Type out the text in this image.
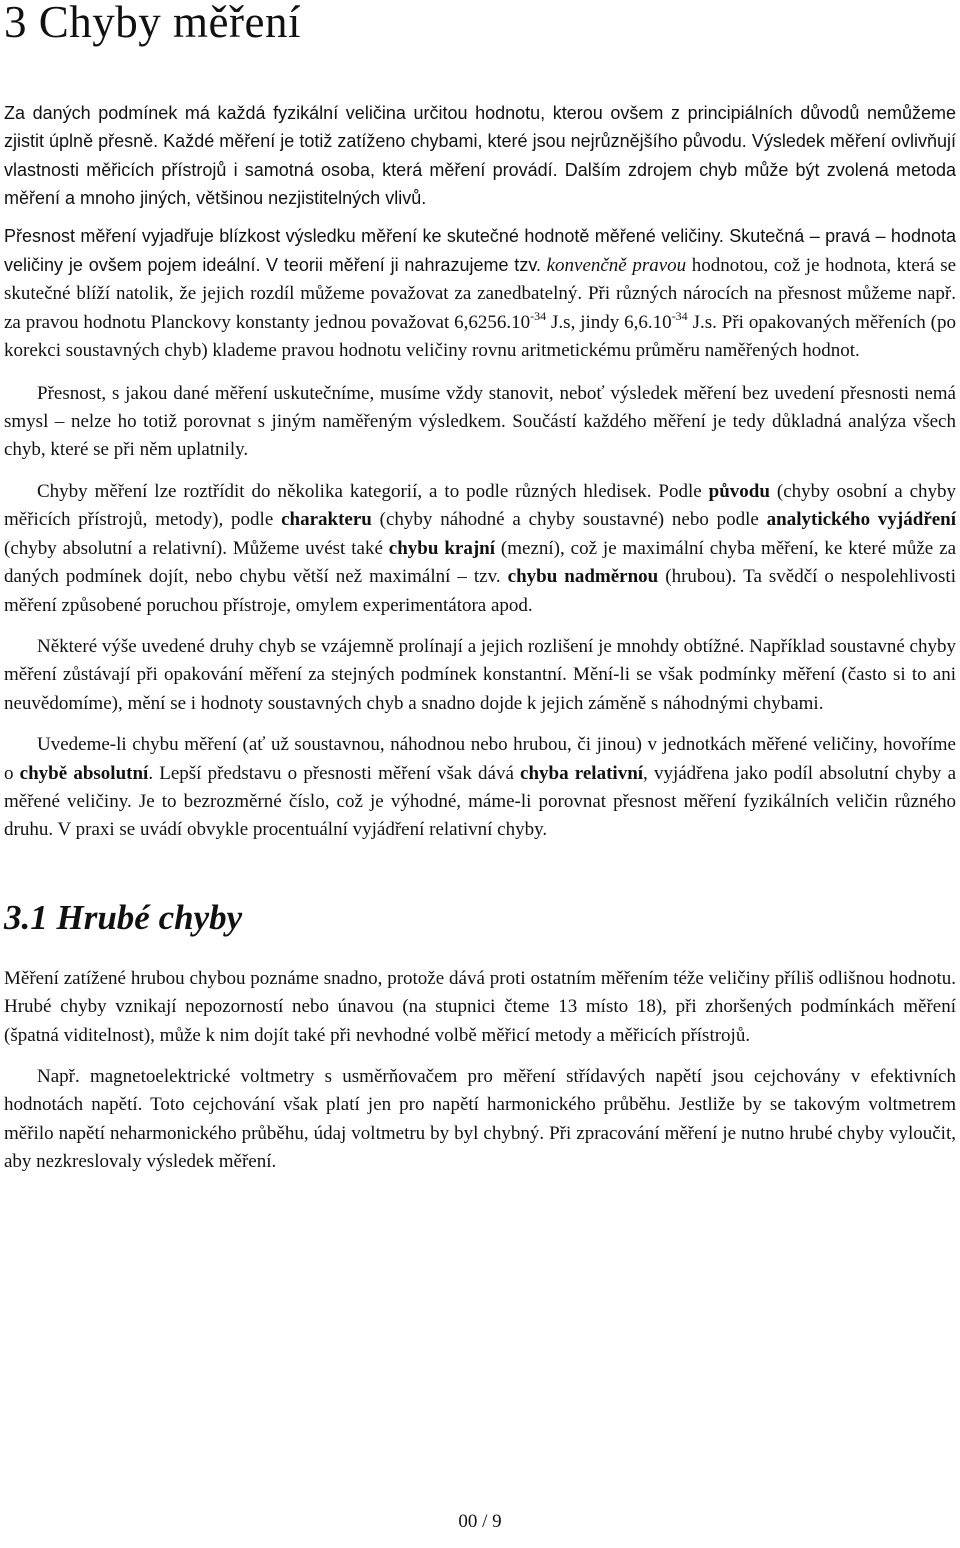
3 Chyby měření

Za daných podmínek má každá fyzikální veličina určitou hodnotu, kterou ovšem z principiálních důvodů nemůžeme zjistit úplně přesně. Každé měření je totiž zatíženo chybami, které jsou nejrůznějšího původu. Výsledek měření ovlivňují vlastnosti měřicích přístrojů i samotná osoba, která měření provádí. Dalším zdrojem chyb může být zvolená metoda měření a mnoho jiných, většinou nezjistitelných vlivů.

Přesnost měření vyjadřuje blízkost výsledku měření ke skutečné hodnotě měřené veličiny. Skutečná – pravá – hodnota veličiny je ovšem pojem ideální. V teorii měření ji nahrazujeme tzv. konvenčně pravou hodnotou, což je hodnota, která se skutečné blíží natolik, že jejich rozdíl můžeme považovat za zanedbatelný. Při různých nárocích na přesnost můžeme např. za pravou hodnotu Planckovy konstanty jednou považovat $6,6256.10^{-34}$ J.s, jindy $6,6.10^{-34}$ J.s. Při opakovaných měřeních (po korekci soustavných chyb) klademe pravou hodnotu veličiny rovnu aritmetickému průměru naměřených hodnot.

Přesnost, s jakou dané měření uskutečníme, musíme vždy stanovit, neboť výsledek měření bez uvedení přesnosti nemá smysl – nelze ho totiž porovnat s jiným naměřeným výsledkem. Součástí každého měření je tedy důkladná analýza všech chyb, které se při něm uplatnily.

Chyby měření lze roztřídit do několika kategorií, a to podle různých hledisek. Podle původu (chyby osobní a chyby měřicích přístrojů, metody), podle charakteru (chyby náhodné a chyby soustavné) nebo podle analytického vyjádření (chyby absolutní a relativní). Můžeme uvést také chybu krajní (mezní), což je maximální chyba měření, ke které může za daných podmínek dojít, nebo chybu větší než maximální – tzv. chybu nadměrnou (hrubou). Ta svědčí o nespolehlivosti měření způsobené poruchou přístroje, omylem experimentátora apod.

Některé výše uvedené druhy chyb se vzájemně prolínají a jejich rozlišení je mnohdy obtížné. Například soustavné chyby měření zůstávají při opakování měření za stejných podmínek konstantní. Mění-li se však podmínky měření (často si to ani neuvědomíme), mění se i hodnoty soustavných chyb a snadno dojde k jejich záměně s náhodnými chybami.

Uvedeme-li chybu měření (ať už soustavnou, náhodnou nebo hrubou, či jinou) v jednotkách měřené veličiny, hovoříme o chybě absolutní. Lepší představu o přesnosti měření však dává chyba relativní, vyjádřena jako podíl absolutní chyby a měřené veličiny. Je to bezrozměrné číslo, což je výhodné, máme-li porovnat přesnost měření fyzikálních veličin různého druhu. V praxi se uvádí obvykle procentuální vyjádření relativní chyby.

3.1 Hrubé chyby

Měření zatížené hrubou chybou poznáme snadno, protože dává proti ostatním měřením téže veličiny příliš odlišnou hodnotu. Hrubé chyby vznikají nepozorností nebo únavou (na stupnici čteme 13 místo 18), při zhoršených podmínkách měření (špatná viditelnost), může k nim dojít také při nevhodné volbě měřicí metody a měřicích přístrojů.

Např. magnetoelektrické voltmetry s usměrňovačem pro měření střídavých napětí jsou cejchovány v efektivních hodnotách napětí. Toto cejchování však platí jen pro napětí harmonického průběhu. Jestliže by se takovým voltmetrem měřilo napětí neharmonického průběhu, údaj voltmetru by byl chybný. Při zpracování měření je nutno hrubé chyby vyloučit, aby nezkreslovaly výsledek měření.

00 / 9
